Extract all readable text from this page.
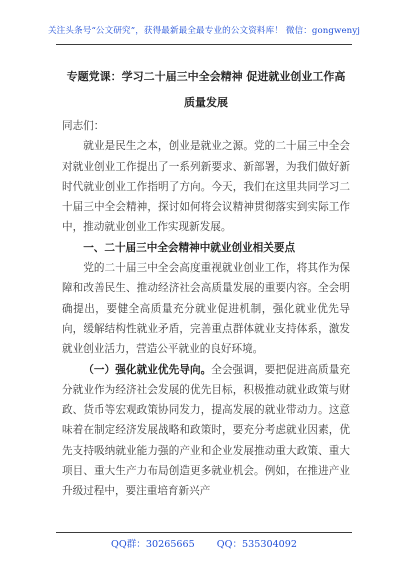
关注头条号“公文研究”，获得最新最全最专业的公文资料库！ 微信：gongwenyj
专题党课：学习二十届三中全会精神 促进就业创业工作高质量发展

同志们：

就业是民生之本，创业是就业之源。党的二十届三中全会对就业创业工作提出了一系列新要求、新部署，为我们做好新时代就业创业工作指明了方向。今天，我们在这里共同学习二十届三中全会精神，探讨如何将会议精神贯彻落实到实际工作中，推动就业创业工作实现新发展。

一、二十届三中全会精神中就业创业相关要点

党的二十届三中全会高度重视就业创业工作，将其作为保障和改善民生、推动经济社会高质量发展的重要内容。全会明确提出，要健全高质量充分就业促进机制，强化就业优先导向，缓解结构性就业矛盾，完善重点群体就业支持体系，激发就业创业活力，营造公平就业的良好环境。

（一）强化就业优先导向。全会强调，要把促进高质量充分就业作为经济社会发展的优先目标，积极推动就业政策与财政、货币等宏观政策协同发力，提高发展的就业带动力。这意味着在制定经济发展战略和政策时，要充分考虑就业因素，优先支持吸纳就业能力强的产业和企业发展推动重大政策、重大项目、重大生产力布局创造更多就业机会。例如，在推进产业升级过程中，要注重培育新兴产

QQ群：30265665 QQ：535304092
